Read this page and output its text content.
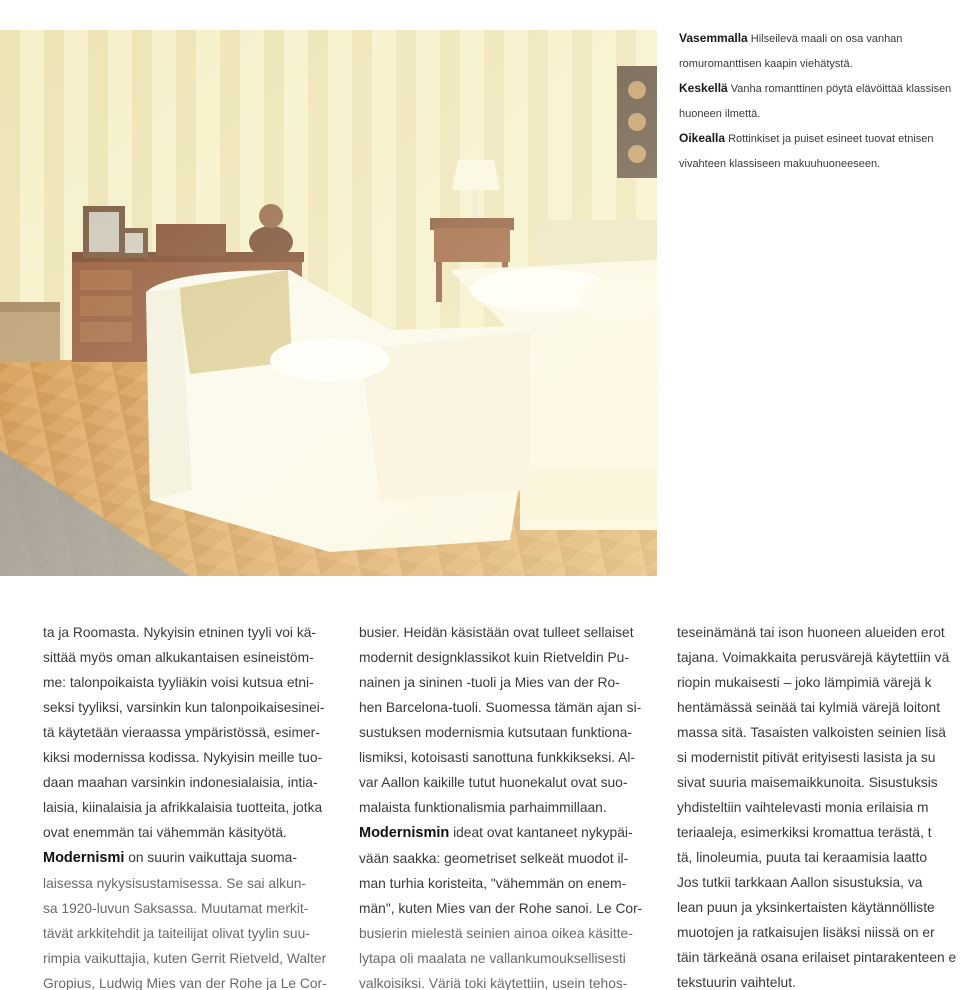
Vasemmalla Hilseilevä maali on osa vanhan romuromanttisen kaapin viehätystä.

Keskellä Vanha romanttinen pöytä elävöittää klassisen huoneen ilmettä.

Oikealla Rottinkiset ja puiset esineet tuovat etnisen vivahteen klassiseen makuuhuoneeseen.

ta ja Roomasta. Nykyisin etninen tyyli voi kä-
sittää myös oman alkukantaisen esineistöm-
me: talonpoikaista tyyliäkin voisi kutsua etni-
seksi tyyliksi, varsinkin kun talonpoikaisesinei-
tä käytetään vieraassa ympäristössä, esimer-
kiksi modernissa kodissa. Nykyisin meille tuo-
daan maahan varsinkin indonesialaisia, intia-
laisia, kiinalaisia ja afrikkalaisia tuotteita, jotka
ovat enemmän tai vähemmän käsityötä.
Modernismi on suurin vaikuttaja suoma-
laisessa nykysisustamisessa. Se sai alkun-
sa 1920-luvun Saksassa. Muutamat merkit-
tävät arkkitehdit ja taiteilijat olivat tyylin suu-
rimpia vaikuttajia, kuten Gerrit Rietveld, Walter
Gropius, Ludwig Mies van der Rohe ja Le Cor-
busier. Heidän käsistään ovat tulleet sellaiset
modernit designklassikot kuin Rietveldin Pu-
nainen ja sininen -tuoli ja Mies van der Ro-
hen Barcelona-tuoli. Suomessa tämän ajan si-
sustuksen modernismia kutsutaan funktiona-
lismiksi, kotoisasti sanottuna funkkikseksi. Al-
var Aallon kaikille tutut huonekalut ovat suo-
malaista funktionalismia parhaimmillaan.
Modernismin ideat ovat kantaneet nykypäi-
vään saakka: geometriset selkeät muodot il-
man turhia koristeita, "vähemmän on enem-
män", kuten Mies van der Rohe sanoi. Le Cor-
busierin mielestä seinien ainoa oikea käsitte-
lytapa oli maalata ne vallankumouksellisesti
valkoisiksi. Väriä toki käytettiin, usein tehos-
teseinämänä tai ison huoneen alueiden erot
tajana. Voimakkaita perusvärejä käytettiin vä
riopin mukaisesti – joko lämpimiä värejä k
hentämässä seinää tai kylmiä värejä loitont
massa sitä. Tasaisten valkoisten seinien lisä
si modernistit pitivät erityisesti lasista ja su
sivat suuria maisemaikkunoita. Sisustuksis
yhdisteltiin vaihtelevasti monia erilaisia m
teriaaleja, esimerkiksi kromattua terästä, t
tä, linoleumia, puuta tai keraamisia laatto
Jos tutkii tarkkaan Aallon sisustuksia, va
lean puun ja yksinkertaisten käytännölliste
muotojen ja ratkaisujen lisäksi niissä on er
täin tärkeänä osana erilaiset pintarakenteen e
tekstuurin vaihtelut.
